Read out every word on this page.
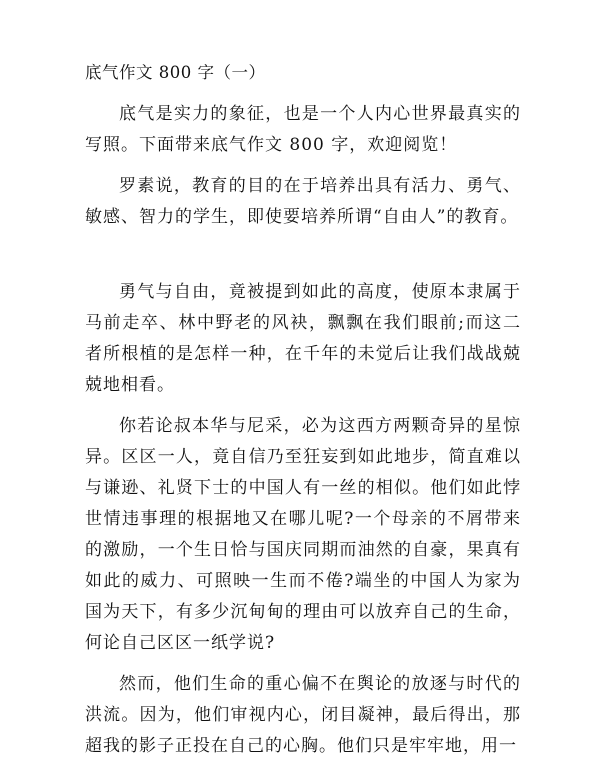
底气作文 800 字（一）

底气是实力的象征，也是一个人内心世界最真实的写照。下面带来底气作文 800 字，欢迎阅览！

罗素说，教育的目的在于培养出具有活力、勇气、敏感、智力的学生，即使要培养所谓“自由人”的教育。

勇气与自由，竟被提到如此的高度，使原本隶属于马前走卒、林中野老的风袂，飘飘在我们眼前;而这二者所根植的是怎样一种，在千年的未觉后让我们战战兢兢地相看。

你若论叔本华与尼采，必为这西方两颗奇异的星惊异。区区一人，竟自信乃至狂妄到如此地步，简直难以与谦逊、礼贤下士的中国人有一丝的相似。他们如此悖世情违事理的根据地又在哪儿呢?一个母亲的不屑带来的激励，一个生日恰与国庆同期而油然的自豪，果真有如此的威力、可照映一生而不倦?端坐的中国人为家为国为天下，有多少沉甸甸的理由可以放弃自己的生命，何论自己区区一纸学说?

然而，他们生命的重心偏不在舆论的放逐与时代的洪流。因为，他们审视内心，闭目凝神，最后得出，那超我的影子正投在自己的心胸。他们只是牢牢地，用一
